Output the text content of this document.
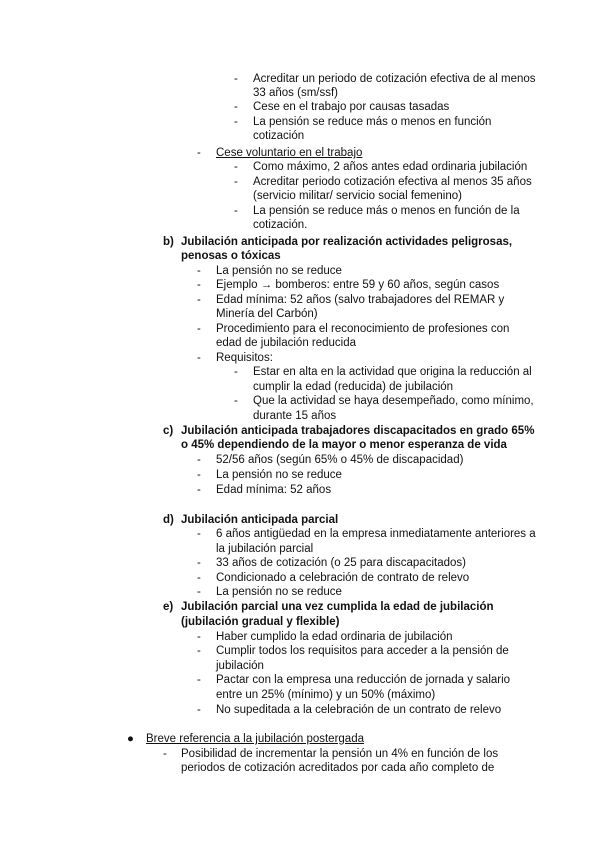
- Acreditar un periodo de cotización efectiva de al menos
33 años (sm/ssf)
- Cese en el trabajo por causas tasadas
- La pensión se reduce más o menos en función
cotización
- Cese voluntario en el trabajo
- Como máximo, 2 años antes edad ordinaria jubilación
- Acreditar periodo cotización efectiva al menos 35 años
(servicio militar/ servicio social femenino)
- La pensión se reduce más o menos en función de la
cotización.
b) Jubilación anticipada por realización actividades peligrosas,
penosas o tóxicas
- La pensión no se reduce
- Ejemplo → bomberos: entre 59 y 60 años, según casos
- Edad mínima: 52 años (salvo trabajadores del REMAR y
Minería del Carbón)
- Procedimiento para el reconocimiento de profesiones con
edad de jubilación reducida
- Requisitos:
- Estar en alta en la actividad que origina la reducción al
cumplir la edad (reducida) de jubilación
- Que la actividad se haya desempeñado, como mínimo,
durante 15 años
c) Jubilación anticipada trabajadores discapacitados en grado 65%
o 45% dependiendo de la mayor o menor esperanza de vida
- 52/56 años (según 65% o 45% de discapacidad)
- La pensión no se reduce
- Edad mínima: 52 años
d) Jubilación anticipada parcial
- 6 años antigüedad en la empresa inmediatamente anteriores a
la jubilación parcial
- 33 años de cotización (o 25 para discapacitados)
- Condicionado a celebración de contrato de relevo
- La pensión no se reduce
e) Jubilación parcial una vez cumplida la edad de jubilación
(jubilación gradual y flexible)
- Haber cumplido la edad ordinaria de jubilación
- Cumplir todos los requisitos para acceder a la pensión de
jubilación
- Pactar con la empresa una reducción de jornada y salario
entre un 25% (mínimo) y un 50% (máximo)
- No supeditada a la celebración de un contrato de relevo
● Breve referencia a la jubilación postergada
- Posibilidad de incrementar la pensión un 4% en función de los
periodos de cotización acreditados por cada año completo de
